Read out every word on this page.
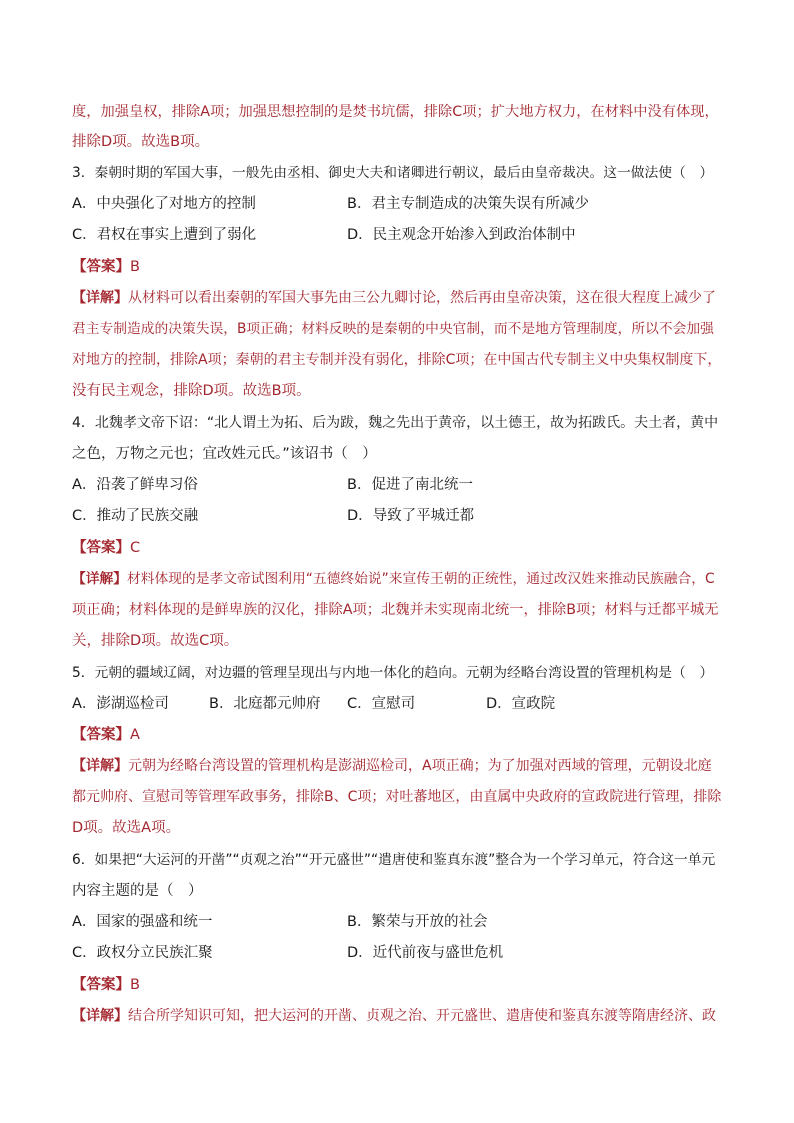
度，加强皇权，排除A项；加强思想控制的是焚书坑儒，排除C项；扩大地方权力，在材料中没有体现，
排除D项。故选B项。
3．秦朝时期的军国大事，一般先由丞相、御史大夫和诸卿进行朝议，最后由皇帝裁决。这一做法使（　）
A．中央强化了对地方的控制	B．君主专制造成的决策失误有所减少
C．君权在事实上遭到了弱化	D．民主观念开始渗入到政治体制中
【答案】B
【详解】从材料可以看出秦朝的军国大事先由三公九卿讨论，然后再由皇帝决策，这在很大程度上减少了
君主专制造成的决策失误，B项正确；材料反映的是秦朝的中央官制，而不是地方管理制度，所以不会加强
对地方的控制，排除A项；秦朝的君主专制并没有弱化，排除C项；在中国古代专制主义中央集权制度下，
没有民主观念，排除D项。故选B项。
4．北魏孝文帝下诏：“北人谓土为拓、后为跋，魏之先出于黄帝，以土德王，故为拓跋氏。夫土者，黄中
之色，万物之元也；宜改姓元氏。”该诏书（　）
A．沿袭了鲜卑习俗	B．促进了南北统一
C．推动了民族交融	D．导致了平城迁都
【答案】C
【详解】材料体现的是孝文帝试图利用“五德终始说”来宣传王朝的正统性，通过改汉姓来推动民族融合，C
项正确；材料体现的是鲜卑族的汉化，排除A项；北魏并未实现南北统一，排除B项；材料与迁都平城无
关，排除D项。故选C项。
5．元朝的疆域辽阔，对边疆的管理呈现出与内地一体化的趋向。元朝为经略台湾设置的管理机构是（　）
A．澎湖巡检司	B．北庭都元帅府 C．宣慰司	D．宣政院
【答案】A
【详解】元朝为经略台湾设置的管理机构是澎湖巡检司，A项正确；为了加强对西域的管理，元朝设北庭
都元帅府、宣慰司等管理军政事务，排除B、C项；对吐蕃地区，由直属中央政府的宣政院进行管理，排除
D项。故选A项。
6．如果把“大运河的开凿”“贞观之治”“开元盛世”“遣唐使和鉴真东渡”整合为一个学习单元，符合这一单元
内容主题的是（　）
A．国家的强盛和统一	B．繁荣与开放的社会
C．政权分立民族汇聚	D．近代前夜与盛世危机
【答案】B
【详解】结合所学知识可知，把大运河的开凿、贞观之治、开元盛世、遣唐使和鉴真东渡等隋唐经济、政
